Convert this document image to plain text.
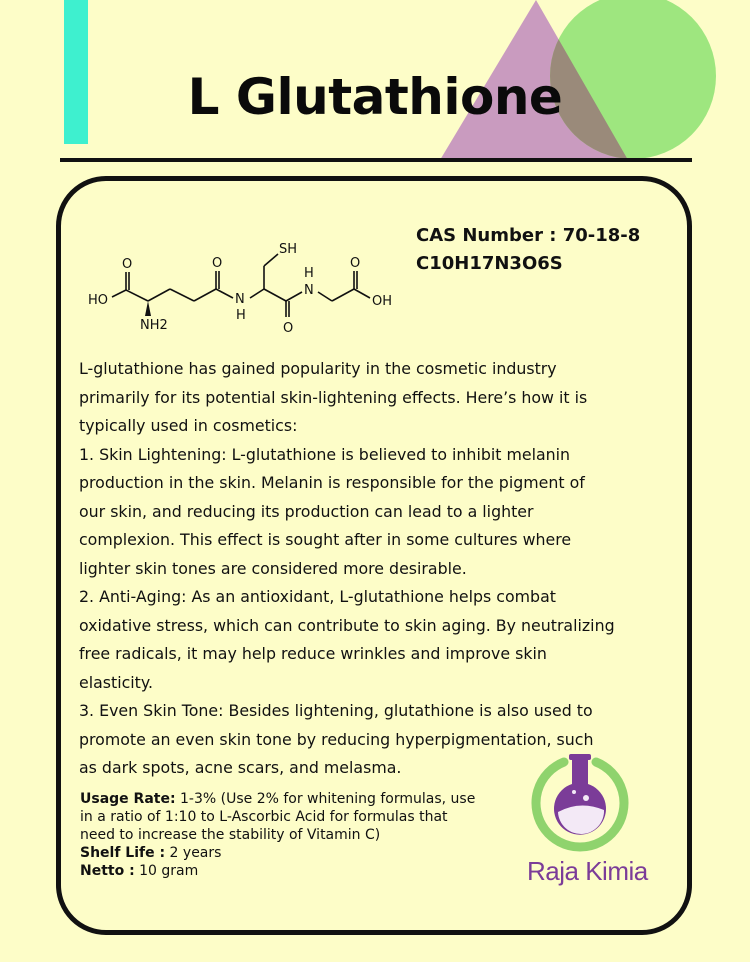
L Glutathione
HO
NH2
O	O
N
H
SH
O
H
N
O
OH
CAS Number : 70-18-8
C10H17N3O6S

L-glutathione has gained popularity in the cosmetic industry

primarily for its potential skin-lightening effects. Here’s how it is

typically used in cosmetics:

1. Skin Lightening: L-glutathione is believed to inhibit melanin

production in the skin. Melanin is responsible for the pigment of

our skin, and reducing its production can lead to a lighter

complexion. This effect is sought after in some cultures where

lighter skin tones are considered more desirable.

2. Anti-Aging: As an antioxidant, L-glutathione helps combat

oxidative stress, which can contribute to skin aging. By neutralizing

free radicals, it may help reduce wrinkles and improve skin

elasticity.

3. Even Skin Tone: Besides lightening, glutathione is also used to

promote an even skin tone by reducing hyperpigmentation, such

as dark spots, acne scars, and melasma.

Usage Rate: 1-3% (Use 2% for whitening formulas, use

in a ratio of 1:10 to L-Ascorbic Acid for formulas that

need to increase the stability of Vitamin C)

Shelf Life : 2 years

Netto : 10 gram	Raja Kimia
